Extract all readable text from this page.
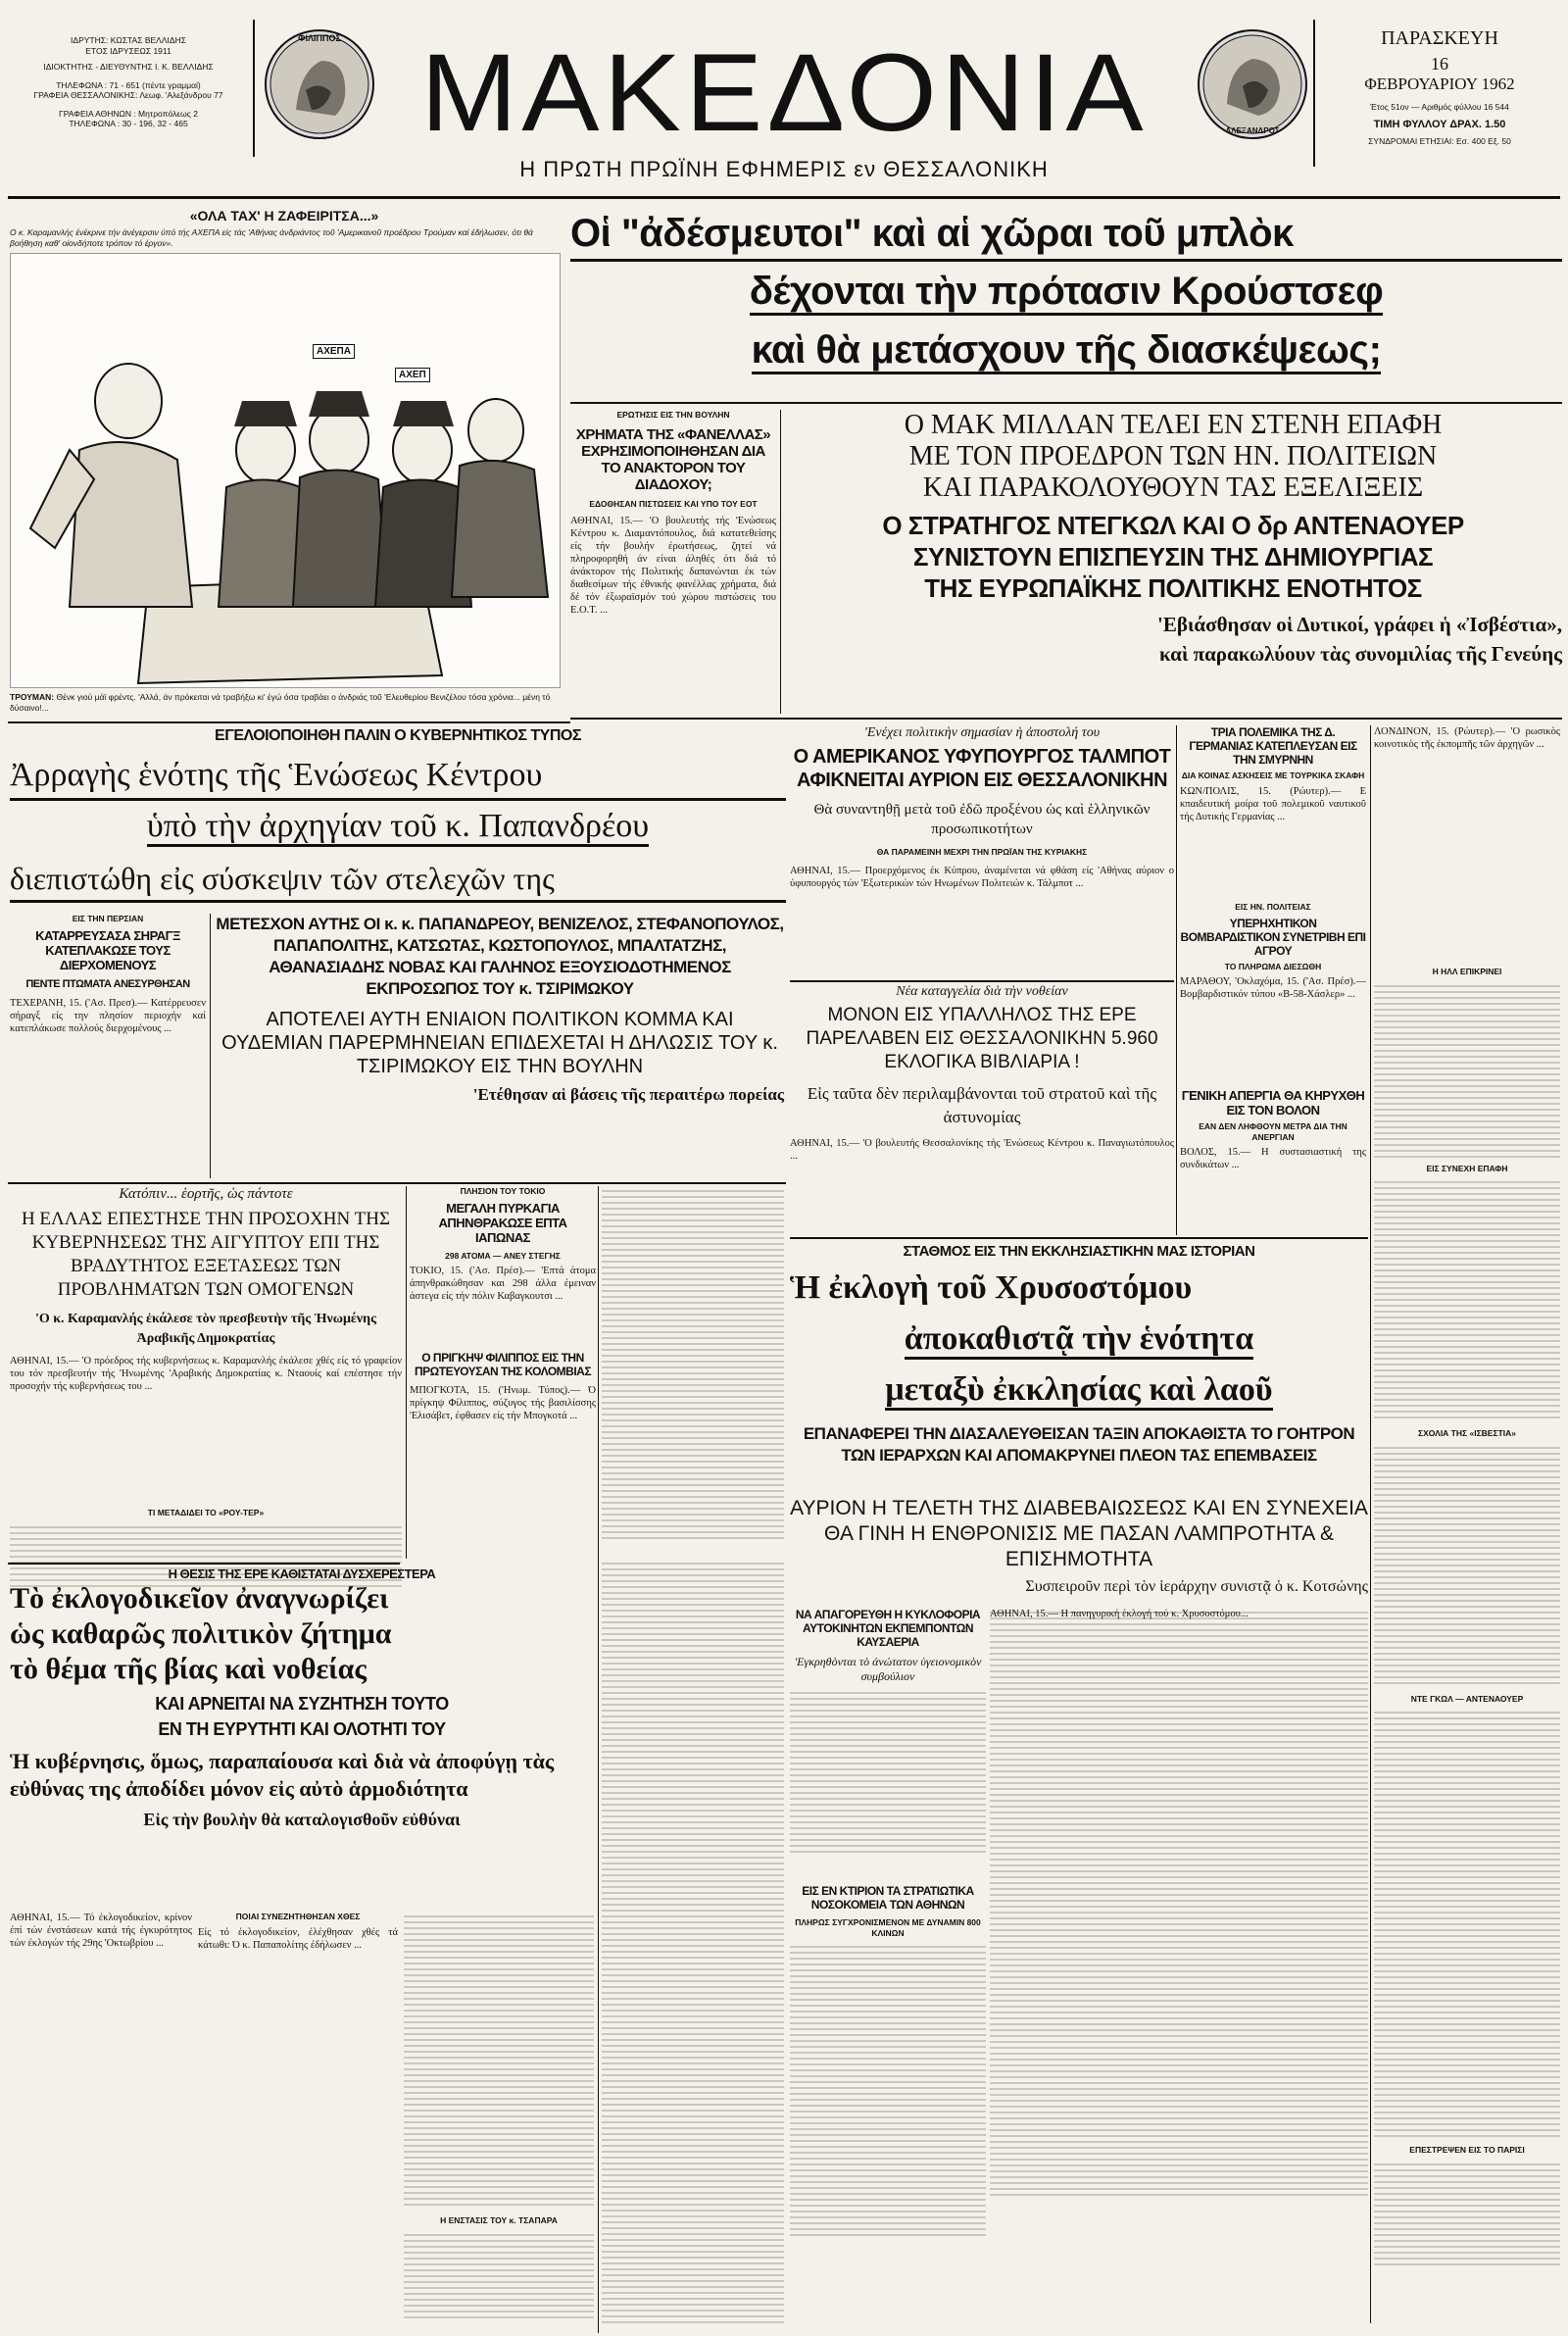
ΙΔΡΥΤΗΣ: ΚΩΣΤΑΣ ΒΕΛΛΙΔΗΣ
ΕΤΟΣ ΙΔΡΥΣΕΩΣ 1911
ΙΔΙΟΚΤΗΤΗΣ - ΔΙΕΥΘΥΝΤΗΣ Ι. Κ. ΒΕΛΛΙΔΗΣ
ΤΗΛΕΦΩΝΑ : 71 - 651 (πέντε γραμμαί)
ΓΡΑΦΕΙΑ ΘΕΣΣΑΛΟΝΙΚΗΣ: Λεωφ. 'Αλεξάνδρου 77
ΓΡΑΦΕΙΑ ΑΘΗΝΩΝ : Μητροπόλεως 2
ΤΗΛΕΦΩΝΑ : 30 - 196, 32 - 465
ΦΙΛΙΠΠΟΣ
ΑΛΕΞΑΝΔΡΟΣ
ΜΑΚΕΔΟΝΙΑ
Η ΠΡΩΤΗ ΠΡΩΪΝΗ ΕΦΗΜΕΡΙΣ εν ΘΕΣΣΑΛΟΝΙΚΗ
ΠΑΡΑΣΚΕΥΗ
16
ΦΕΒΡΟΥΑΡΙΟΥ 1962
Έτος 51ον — Αριθμός φύλλου 16 544
ΤΙΜΗ ΦΥΛΛΟΥ ΔΡΑΧ. 1.50
ΣΥΝΔΡΟΜΑΙ ΕΤΗΣΙΑΙ: Εσ. 400 Εξ. 50
«ΟΛΑ ΤΑΧ' Η ΖΑΦΕΙΡΙΤΣΑ...»
Ο κ. Καραμανλής ένέκρινε τήν άνέγερσιν ύπό τής ΑΧΕΠΑ είς τάς 'Αθήνας άνδριάντος τοῦ 'Αμερικανοῦ προέδρου Τρούμαν καί έδήλωσεν, ότι θά βοήθηση καθ' οίονδήποτε τρόπον τό έργον».
ΑΧΕΠΑ
ΑΧΕΠ
ΤΡΟΥΜΑΝ: Θένκ γιού μάϊ φρέντς. 'Αλλά, άν πρόκειται νά τραβήξω κι' έγώ όσα τραβάει ο άνδριάς τοῦ 'Ελευθερίου Βενιζέλου τόσα χρόνια... μένη τό δύσαινο!...
Οἱ "ἀδέσμευτοι" καὶ αἱ χῶραι τοῦ μπλὸκ
δέχονται τὴν πρότασιν Κρούστσεφ
καὶ θὰ μετάσχουν τῆς διασκέψεως;
ΕΡΩΤΗΣΙΣ ΕΙΣ ΤΗΝ ΒΟΥΛΗΝ
ΧΡΗΜΑΤΑ ΤΗΣ «ΦΑΝΕΛΛΑΣ» ΕΧΡΗΣΙΜΟΠΟΙΗΘΗΣΑΝ ΔΙΑ ΤΟ ΑΝΑΚΤΟΡΟΝ ΤΟΥ ΔΙΑΔΟΧΟΥ;
ΕΔΟΘΗΣΑΝ ΠΙΣΤΩΣΕΙΣ ΚΑΙ ΥΠΟ ΤΟΥ ΕΟΤ
ΑΘΗΝΑΙ, 15.— 'Ο βουλευτής τής 'Ενώσεως Κέντρου κ. Διαμαντόπουλος, διά κατατεθείσης είς τήν βουλήν έρωτήσεως, ζητεί νά πληροφορηθή άν είναι άληθές ότι διά τό άνάκτορον τής Πολιτικής δαπανώνται έκ τών διαθεσίμων τής έθνικής φανέλλας χρήματα, διά δέ τόν έξωραϊσμόν τού χώρου πιστώσεις του Ε.Ο.Τ. ...
Ο ΜΑΚ ΜΙΛΛΑΝ ΤΕΛΕΙ ΕΝ ΣΤΕΝΗ ΕΠΑΦΗ
ΜΕ ΤΟΝ ΠΡΟΕΔΡΟΝ ΤΩΝ ΗΝ. ΠΟΛΙΤΕΙΩΝ
ΚΑΙ ΠΑΡΑΚΟΛΟΥΘΟΥΝ ΤΑΣ ΕΞΕΛΙΞΕΙΣ
Ο ΣΤΡΑΤΗΓΟΣ ΝΤΕΓΚΩΛ ΚΑΙ Ο δρ ΑΝΤΕΝΑΟΥΕΡ
ΣΥΝΙΣΤΟΥΝ ΕΠΙΣΠΕΥΣΙΝ ΤΗΣ ΔΗΜΙΟΥΡΓΙΑΣ
ΤΗΣ ΕΥΡΩΠΑΪΚΗΣ ΠΟΛΙΤΙΚΗΣ ΕΝΟΤΗΤΟΣ
'Εβιάσθησαν οἱ Δυτικοί, γράφει ἡ «Ἰσβέστια»,
καὶ παρακωλύουν τὰς συνομιλίας τῆς Γενεύης
ΕΓΕΛΟΙΟΠΟΙΗΘΗ ΠΑΛΙΝ Ο ΚΥΒΕΡΝΗΤΙΚΟΣ ΤΥΠΟΣ
Ἀρραγὴς ἑνότης τῆς Ἑνώσεως Κέντρου
ὑπὸ τὴν ἀρχηγίαν τοῦ κ. Παπανδρέου
διεπιστώθη εἰς σύσκεψιν τῶν στελεχῶν της
ΕΙΣ ΤΗΝ ΠΕΡΣΙΑΝ
ΚΑΤΑΡΡΕΥΣΑΣΑ ΣΗΡΑΓΞ ΚΑΤΕΠΛΑΚΩΣΕ ΤΟΥΣ ΔΙΕΡΧΟΜΕΝΟΥΣ
ΠΕΝΤΕ ΠΤΩΜΑΤΑ ΑΝΕΣΥΡΘΗΣΑΝ
ΤΕΧΕΡΑΝΗ, 15. ('Ασ. Πρεσ).— Κατέρρευσεν σήραγξ είς την πλησίον περιοχήν καί κατεπλάκωσε πολλούς διερχομένους ...
ΜΕΤΕΣΧΟΝ ΑΥΤΗΣ ΟΙ κ. κ. ΠΑΠΑΝΔΡΕΟΥ, ΒΕΝΙΖΕΛΟΣ, ΣΤΕΦΑΝΟΠΟΥΛΟΣ, ΠΑΠΑΠΟΛΙΤΗΣ, ΚΑΤΣΩΤΑΣ, ΚΩΣΤΟΠΟΥΛΟΣ, ΜΠΑΛΤΑΤΖΗΣ, ΑΘΑΝΑΣΙΑΔΗΣ ΝΟΒΑΣ ΚΑΙ ΓΑΛΗΝΟΣ ΕΞΟΥΣΙΟΔΟΤΗΜΕΝΟΣ ΕΚΠΡΟΣΩΠΟΣ ΤΟΥ κ. ΤΣΙΡΙΜΩΚΟΥ
ΑΠΟΤΕΛΕΙ ΑΥΤΗ ΕΝΙΑΙΟΝ ΠΟΛΙΤΙΚΟΝ ΚΟΜΜΑ ΚΑΙ ΟΥΔΕΜΙΑΝ ΠΑΡΕΡΜΗΝΕΙΑΝ ΕΠΙΔΕΧΕΤΑΙ Η ΔΗΛΩΣΙΣ ΤΟΥ κ. ΤΣΙΡΙΜΩΚΟΥ ΕΙΣ ΤΗΝ ΒΟΥΛΗΝ
'Ετέθησαν αἱ βάσεις τῆς περαιτέρω πορείας
'Ενέχει πολιτικὴν σημασίαν ἡ ἀποστολή του
Ο ΑΜΕΡΙΚΑΝΟΣ ΥΦΥΠΟΥΡΓΟΣ ΤΑΛΜΠΟΤ ΑΦΙΚΝΕΙΤΑΙ ΑΥΡΙΟΝ ΕΙΣ ΘΕΣΣΑΛΟΝΙΚΗΝ
Θὰ συναντηθῇ μετὰ τοῦ ἐδῶ προξένου ὡς καὶ ἑλληνικῶν προσωπικοτήτων
ΘΑ ΠΑΡΑΜΕΙΝΗ ΜΕΧΡΙ ΤΗΝ ΠΡΩΪΑΝ ΤΗΣ ΚΥΡΙΑΚΗΣ
ΑΘΗΝΑΙ, 15.— Προερχόμενος έκ Κύπρου, άναμένεται νά φθάση είς 'Αθήνας αύριον ο ύφυπουργός τών 'Εξωτερικών τών Ηνωμένων Πολιτειών κ. Τάλμποτ ...
ΤΡΙΑ ΠΟΛΕΜΙΚΑ ΤΗΣ Δ. ΓΕΡΜΑΝΙΑΣ ΚΑΤΕΠΛΕΥΣΑΝ ΕΙΣ ΤΗΝ ΣΜΥΡΝΗΝ
ΔΙΑ ΚΟΙΝΑΣ ΑΣΚΗΣΕΙΣ ΜΕ ΤΟΥΡΚΙΚΑ ΣΚΑΦΗ
ΚΩΝ/ΠΟΛΙΣ, 15. (Ρώυτερ).— Ε κπαιδευτική μοίρα τοῦ πολεμικοῦ ναυτικοῦ τής Δυτικής Γερμανίας ...
ΕΙΣ ΗΝ. ΠΟΛΙΤΕΙΑΣ
ΥΠΕΡΗΧΗΤΙΚΟΝ ΒΟΜΒΑΡΔΙΣΤΙΚΟΝ ΣΥΝΕΤΡΙΒΗ ΕΠΙ ΑΓΡΟΥ
ΤΟ ΠΛΗΡΩΜΑ ΔΙΕΣΩΘΗ
ΜΑΡΑΘΟΥ, 'Οκλαχόμα, 15. ('Ασ. Πρέσ).— Βομβαρδιστικόν τύπου «Β-58-Χάσλερ» ...
ΓΕΝΙΚΗ ΑΠΕΡΓΙΑ ΘΑ ΚΗΡΥΧΘΗ ΕΙΣ ΤΟΝ ΒΟΛΟΝ
ΕΑΝ ΔΕΝ ΛΗΦΘΟΥΝ ΜΕΤΡΑ ΔΙΑ ΤΗΝ ΑΝΕΡΓΙΑΝ
ΒΟΛΟΣ, 15.— Η συστασιαστική της συνδικάτων ...
ΛΟΝΔΙΝΟΝ, 15. (Ρώυτερ).— 'Ο ρωσικὸς κοινοτικὸς τῆς ἐκπομπῆς τῶν ἀρχηγῶν ...
Η ΗΛΛ ΕΠΙΚΡΙΝΕΙ
ΕΙΣ ΣΥΝΕΧΗ ΕΠΑΦΗ
ΣΧΟΛΙΑ ΤΗΣ «ΙΣΒΕΣΤΙΑ»
ΝΤΕ ΓΚΩΛ — ΑΝΤΕΝΑΟΥΕΡ
ΕΠΕΣΤΡΕΨΕΝ ΕΙΣ ΤΟ ΠΑΡΙΣΙ
Νέα καταγγελία διὰ τὴν νοθείαν
ΜΟΝΟΝ ΕΙΣ ΥΠΑΛΛΗΛΟΣ ΤΗΣ ΕΡΕ ΠΑΡΕΛΑΒΕΝ ΕΙΣ ΘΕΣΣΑΛΟΝΙΚΗΝ 5.960 ΕΚΛΟΓΙΚΑ ΒΙΒΛΙΑΡΙΑ !
Εἰς ταῦτα δὲν περιλαμβάνονται τοῦ στρατοῦ καὶ τῆς ἀστυνομίας
ΑΘΗΝΑΙ, 15.— 'Ο βουλευτής Θεσσαλονίκης τής 'Ενώσεως Κέντρου κ. Παναγιωτόπουλος ...
Κατόπιν... ἑορτῆς, ὡς πάντοτε
Η ΕΛΛΑΣ ΕΠΕΣΤΗΣΕ ΤΗΝ ΠΡΟΣΟΧΗΝ ΤΗΣ ΚΥΒΕΡΝΗΣΕΩΣ ΤΗΣ ΑΙΓΥΠΤΟΥ ΕΠΙ ΤΗΣ ΒΡΑΔΥΤΗΤΟΣ ΕΞΕΤΑΣΕΩΣ ΤΩΝ ΠΡΟΒΛΗΜΑΤΩΝ ΤΩΝ ΟΜΟΓΕΝΩΝ
'Ο κ. Καραμανλής ἐκάλεσε τὸν πρεσβευτὴν τῆς Ἡνωμένης Ἀραβικῆς Δημοκρατίας
ΑΘΗΝΑΙ, 15.— 'Ο πρόεδρος τής κυβερνήσεως κ. Καραμανλής έκάλεσε χθές είς τό γραφείον του τόν πρεσβευτήν τής 'Ηνωμένης 'Αραβικής Δημοκρατίας κ. Νταουίς καί επέστησε τήν προσοχήν τής κυβερνήσεως του ...
ΤΙ ΜΕΤΑΔΙΔΕΙ ΤΟ «ΡΟΥ-ΤΕΡ»
ΠΛΗΣΙΟΝ ΤΟΥ ΤΟΚΙΟ
ΜΕΓΑΛΗ ΠΥΡΚΑΓΙΑ ΑΠΗΝΘΡΑΚΩΣΕ ΕΠΤΑ ΙΑΠΩΝΑΣ
298 ΑΤΟΜΑ — ΑΝΕΥ ΣΤΕΓΗΣ
ΤΟΚΙΟ, 15. ('Ασ. Πρέσ).— 'Επτά άτομα άπηνθρακώθησαν και 298 άλλα έμειναν άστεγα είς τήν πόλιν Καβαγκουτσι ...
Ο ΠΡΙΓΚΗΨ ΦΙΛΙΠΠΟΣ ΕΙΣ ΤΗΝ ΠΡΩΤΕΥΟΥΣΑΝ ΤΗΣ ΚΟΛΟΜΒΙΑΣ
ΜΠΟΓΚΟΤΑ, 15. ('Ηνωμ. Τύπος).— Ό πρίγκηψ Φίλιππος, σύζυγος τής βασιλίσσης 'Ελισάβετ, έφθασεν είς τήν Μπογκοτά ...
ΣΤΑΘΜΟΣ ΕΙΣ ΤΗΝ ΕΚΚΛΗΣΙΑΣΤΙΚΗΝ ΜΑΣ ΙΣΤΟΡΙΑΝ
Ἡ ἐκλογὴ τοῦ Χρυσοστόμου
ἀποκαθιστᾷ τὴν ἑνότητα
μεταξὺ ἐκκλησίας καὶ λαοῦ
ΕΠΑΝΑΦΕΡΕΙ ΤΗΝ ΔΙΑΣΑΛΕΥΘΕΙΣΑΝ ΤΑΞΙΝ ΑΠΟΚΑΘΙΣΤΑ ΤΟ ΓΟΗΤΡΟΝ ΤΩΝ ΙΕΡΑΡΧΩΝ ΚΑΙ ΑΠΟΜΑΚΡΥΝΕΙ ΠΛΕΟΝ ΤΑΣ ΕΠΕΜΒΑΣΕΙΣ
ΑΥΡΙΟΝ Η ΤΕΛΕΤΗ ΤΗΣ ΔΙΑΒΕΒΑΙΩΣΕΩΣ ΚΑΙ ΕΝ ΣΥΝΕΧΕΙΑ ΘΑ ΓΙΝΗ Η ΕΝΘΡΟΝΙΣΙΣ ΜΕ ΠΑΣΑΝ ΛΑΜΠΡΟΤΗΤΑ & ΕΠΙΣΗΜΟΤΗΤΑ
Συσπειροῦν περὶ τὸν ἱεράρχην συνιστᾷ ὁ κ. Κοτσώνης
ΑΘΗΝΑΙ, 15.— Η πανηγυρική έκλογή τού κ. Χρυσοστόμου...
ΝΑ ΑΠΑΓΟΡΕΥΘΗ Η ΚΥΚΛΟΦΟΡΙΑ ΑΥΤΟΚΙΝΗΤΩΝ ΕΚΠΕΜΠΟΝΤΩΝ ΚΑΥΣΑΕΡΙΑ
'Εγκρηθὸνται τὸ ἀνώτατον ὑγειονομικὸν συμβούλιον
ΕΙΣ ΕΝ ΚΤΙΡΙΟΝ ΤΑ ΣΤΡΑΤΙΩΤΙΚΑ ΝΟΣΟΚΟΜΕΙΑ ΤΩΝ ΑΘΗΝΩΝ
ΠΛΗΡΩΣ ΣΥΓΧΡΟΝΙΣΜΕΝΟΝ ΜΕ ΔΥΝΑΜΙΝ 800 ΚΛΙΝΩΝ
Η ΘΕΣΙΣ ΤΗΣ ΕΡΕ ΚΑΘΙΣΤΑΤΑΙ ΔΥΣΧΕΡΕΣΤΕΡΑ
Τὸ ἐκλογοδικεῖον ἀναγνωρίζει
ὡς καθαρῶς πολιτικὸν ζήτημα
τὸ θέμα τῆς βίας καὶ νοθείας
ΚΑΙ ΑΡΝΕΙΤΑΙ ΝΑ ΣΥΖΗΤΗΣΗ ΤΟΥΤΟ
ΕΝ ΤΗ ΕΥΡΥΤΗΤΙ ΚΑΙ ΟΛΟΤΗΤΙ ΤΟΥ
Ἡ κυβέρνησις, ὅμως, παραπαίουσα καὶ διὰ νὰ ἀποφύγῃ τὰς εὐθύνας της ἀποδίδει μόνον εἰς αὐτὸ ἁρμοδιότητα
Εἰς τὴν βουλὴν θὰ καταλογισθοῦν εὐθύναι
ΑΘΗΝΑΙ, 15.— Τό έκλογοδικείον, κρίνον έπί τών ένστάσεων κατά τής έγκυρότητος τών έκλογών τής 29ης 'Οκτωβρίου ...
ΠΟΙΑΙ ΣΥΝΕΖΗΤΗΘΗΣΑΝ ΧΘΕΣ
Είς τό έκλογοδικείον, έλέχθησαν χθές τά κάτωθι: Ό κ. Παπαπολίτης έδήλωσεν ...
Η ΕΝΣΤΑΣΙΣ ΤΟΥ κ. ΤΣΑΠΑΡΑ
